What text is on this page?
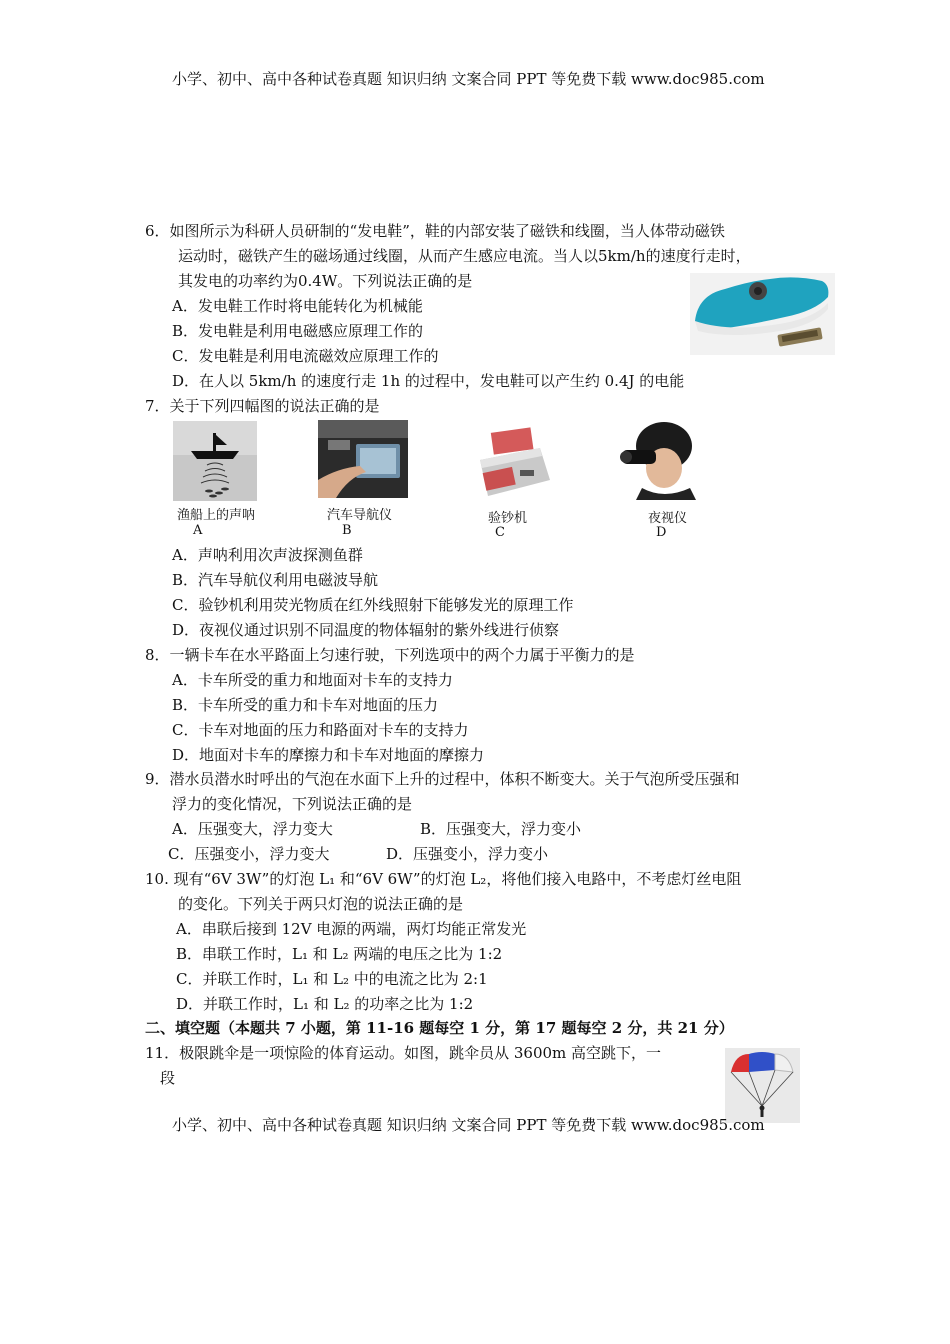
小学、初中、高中各种试卷真题 知识归纳 文案合同 PPT 等免费下载 www.doc985.com
6．如图所示为科研人员研制的“发电鞋”，鞋的内部安装了磁铁和线圈，当人体带动磁铁
运动时，磁铁产生的磁场通过线圈，从而产生感应电流。当人以5km/h的速度行走时，
其发电的功率约为0.4W。下列说法正确的是
A．发电鞋工作时将电能转化为机械能
B．发电鞋是利用电磁感应原理工作的
C．发电鞋是利用电流磁效应原理工作的
D．在人以 5km/h 的速度行走 1h 的过程中，发电鞋可以产生约 0.4J 的电能
7．关于下列四幅图的说法正确的是
渔船上的声呐
A
汽车导航仪
B
验钞机
C
夜视仪
D
A．声呐利用次声波探测鱼群
B．汽车导航仪利用电磁波导航
C．验钞机利用荧光物质在红外线照射下能够发光的原理工作
D．夜视仪通过识别不同温度的物体辐射的紫外线进行侦察
8．一辆卡车在水平路面上匀速行驶，下列选项中的两个力属于平衡力的是
A．卡车所受的重力和地面对卡车的支持力
B．卡车所受的重力和卡车对地面的压力
C．卡车对地面的压力和路面对卡车的支持力
D．地面对卡车的摩擦力和卡车对地面的摩擦力
9．潜水员潜水时呼出的气泡在水面下上升的过程中，体积不断变大。关于气泡所受压强和
浮力的变化情况，下列说法正确的是
A．压强变大，浮力变大	B．压强变大，浮力变小
C．压强变小，浮力变大	D．压强变小，浮力变小
10. 现有“6V 3W”的灯泡 L₁ 和“6V 6W”的灯泡 L₂，将他们接入电路中，不考虑灯丝电阻
的变化。下列关于两只灯泡的说法正确的是
A．串联后接到 12V 电源的两端，两灯均能正常发光
B．串联工作时，L₁ 和 L₂ 两端的电压之比为 1:2
C．并联工作时，L₁ 和 L₂ 中的电流之比为 2:1
D．并联工作时，L₁ 和 L₂ 的功率之比为 1:2
二、填空题（本题共 7 小题，第 11-16 题每空 1 分，第 17 题每空 2 分，共 21 分）
11．极限跳伞是一项惊险的体育运动。如图，跳伞员从 3600m 高空跳下，一
段
小学、初中、高中各种试卷真题 知识归纳 文案合同 PPT 等免费下载 www.doc985.com
